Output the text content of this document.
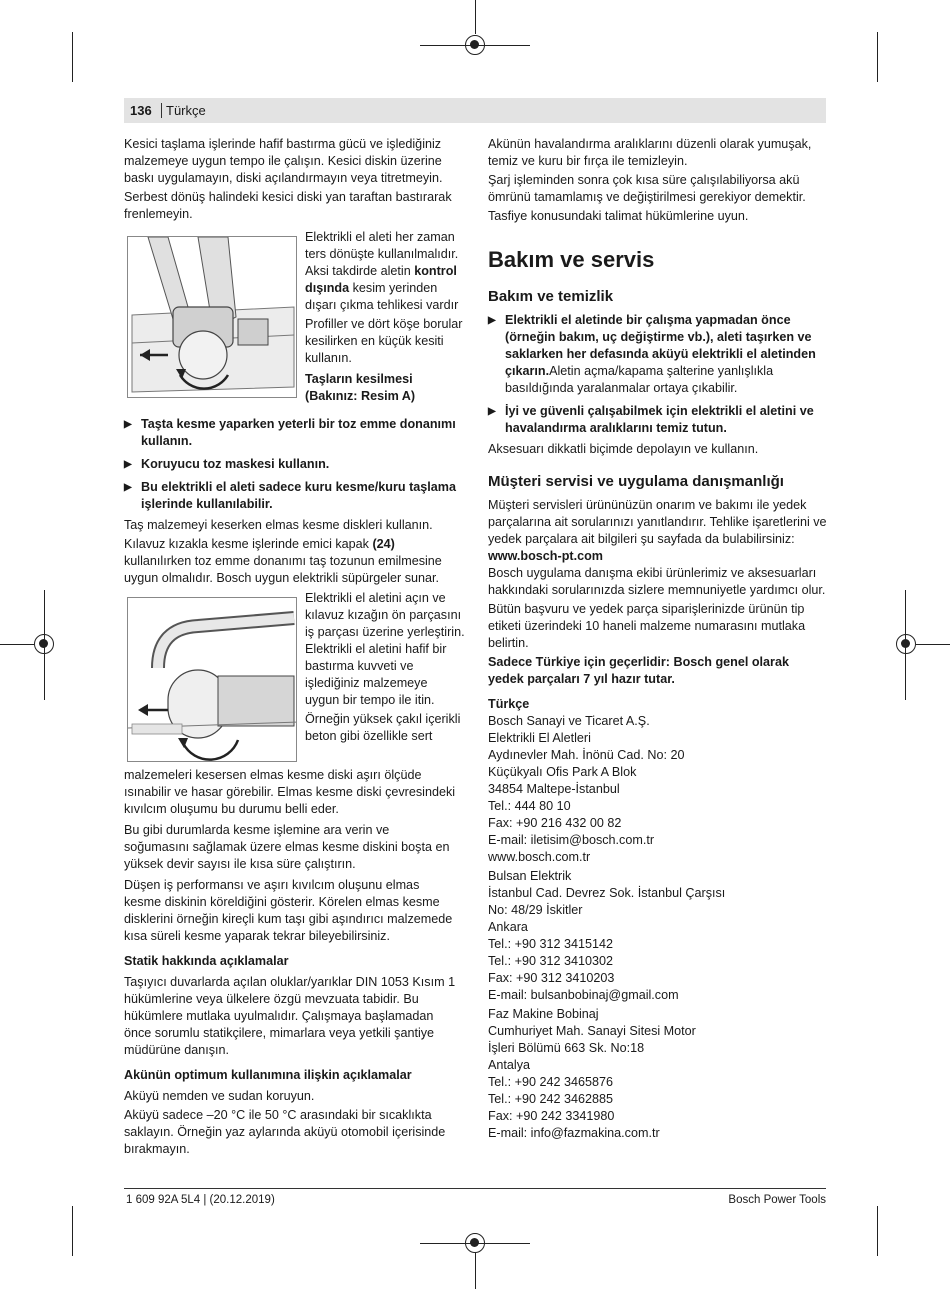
136 Türkçe

Kesici taşlama işlerinde hafif bastırma gücü ve işlediğiniz malzemeye uygun tempo ile çalışın. Kesici diskin üzerine baskı uygulamayın, diski açılandırmayın veya titretmeyin.

Serbest dönüş halindeki kesici diski yan taraftan bastırarak frenlemeyin.

Elektrikli el aleti her zaman ters dönüşte kullanılmalıdır. Aksi takdirde aletin kontrol dışında kesim yerinden dışarı çıkma tehlikesi vardır

Profiller ve dört köşe borular kesilirken en küçük kesiti kullanın.

Taşların kesilmesi (Bakınız: Resim A)

▶ Taşta kesme yaparken yeterli bir toz emme donanımı kullanın.

▶ Koruyucu toz maskesi kullanın.

▶ Bu elektrikli el aleti sadece kuru kesme/kuru taşlama işlerinde kullanılabilir.

Taş malzemeyi keserken elmas kesme diskleri kullanın.

Kılavuz kızakla kesme işlerinde emici kapak (24) kullanılırken toz emme donanımı taş tozunun emilmesine uygun olmalıdır. Bosch uygun elektrikli süpürgeler sunar.

Elektrikli el aletini açın ve kılavuz kızağın ön parçasını iş parçası üzerine yerleştirin. Elektrikli el aletini hafif bir bastırma kuvveti ve işlediğiniz malzemeye uygun bir tempo ile itin.

Örneğin yüksek çakıl içerikli beton gibi özellikle sert

malzemeleri kesersen elmas kesme diski aşırı ölçüde ısınabilir ve hasar görebilir. Elmas kesme diski çevresindeki kıvılcım oluşumu bu durumu belli eder.

Bu gibi durumlarda kesme işlemine ara verin ve soğumasını sağlamak üzere elmas kesme diskini boşta en yüksek devir sayısı ile kısa süre çalıştırın.

Düşen iş performansı ve aşırı kıvılcım oluşunu elmas kesme diskinin köreldiğini gösterir. Körelen elmas kesme disklerini örneğin kireçli kum taşı gibi aşındırıcı malzemede kısa süreli kesme yaparak tekrar bileyebilirsiniz.

Statik hakkında açıklamalar

Taşıyıcı duvarlarda açılan oluklar/yarıklar DIN 1053 Kısım 1 hükümlerine veya ülkelere özgü mevzuata tabidir. Bu hükümlere mutlaka uyulmalıdır. Çalışmaya başlamadan önce sorumlu statikçilere, mimarlara veya yetkili şantiye müdürüne danışın.

Akünün optimum kullanımına ilişkin açıklamalar

Aküyü nemden ve sudan koruyun.

Aküyü sadece –20 °C ile 50 °C arasındaki bir sıcaklıkta saklayın. Örneğin yaz aylarında aküyü otomobil içerisinde bırakmayın.

Akünün havalandırma aralıklarını düzenli olarak yumuşak, temiz ve kuru bir fırça ile temizleyin.

Şarj işleminden sonra çok kısa süre çalışılabiliyorsa akü ömrünü tamamlamış ve değiştirilmesi gerekiyor demektir.

Tasfiye konusundaki talimat hükümlerine uyun.

Bakım ve servis

Bakım ve temizlik

▶ Elektrikli el aletinde bir çalışma yapmadan önce (örneğin bakım, uç değiştirme vb.), aleti taşırken ve saklarken her defasında aküyü elektrikli el aletinden çıkarın.Aletin açma/kapama şalterine yanlışlıkla basıldığında yaralanmalar ortaya çıkabilir.

▶ İyi ve güvenli çalışabilmek için elektrikli el aletini ve havalandırma aralıklarını temiz tutun.

Aksesuarı dikkatli biçimde depolayın ve kullanın.

Müşteri servisi ve uygulama danışmanlığı

Müşteri servisleri ürününüzün onarım ve bakımı ile yedek parçalarına ait sorularınızı yanıtlandırır. Tehlike işaretlerini ve yedek parçalara ait bilgileri şu sayfada da bulabilirsiniz:

www.bosch-pt.com

Bosch uygulama danışma ekibi ürünlerimiz ve aksesuarları hakkındaki sorularınızda sizlere memnuniyetle yardımcı olur.

Bütün başvuru ve yedek parça siparişlerinizde ürünün tip etiketi üzerindeki 10 haneli malzeme numarasını mutlaka belirtin.

Sadece Türkiye için geçerlidir: Bosch genel olarak yedek parçaları 7 yıl hazır tutar.

Türkçe

Bosch Sanayi ve Ticaret A.Ş.

Elektrikli El Aletleri

Aydınevler Mah. İnönü Cad. No: 20

Küçükyalı Ofis Park A Blok

34854 Maltepe-İstanbul

Tel.: 444 80 10

Fax: +90 216 432 00 82

E-mail: iletisim@bosch.com.tr

www.bosch.com.tr

Bulsan Elektrik

İstanbul Cad. Devrez Sok. İstanbul Çarşısı

No: 48/29 İskitler

Ankara

Tel.: +90 312 3415142

Tel.: +90 312 3410302

Fax: +90 312 3410203

E-mail: bulsanbobinaj@gmail.com

Faz Makine Bobinaj

Cumhuriyet Mah. Sanayi Sitesi Motor

İşleri Bölümü 663 Sk. No:18

Antalya

Tel.: +90 242 3465876

Tel.: +90 242 3462885

Fax: +90 242 3341980

E-mail: info@fazmakina.com.tr

1 609 92A 5L4 | (20.12.2019)	Bosch Power Tools
